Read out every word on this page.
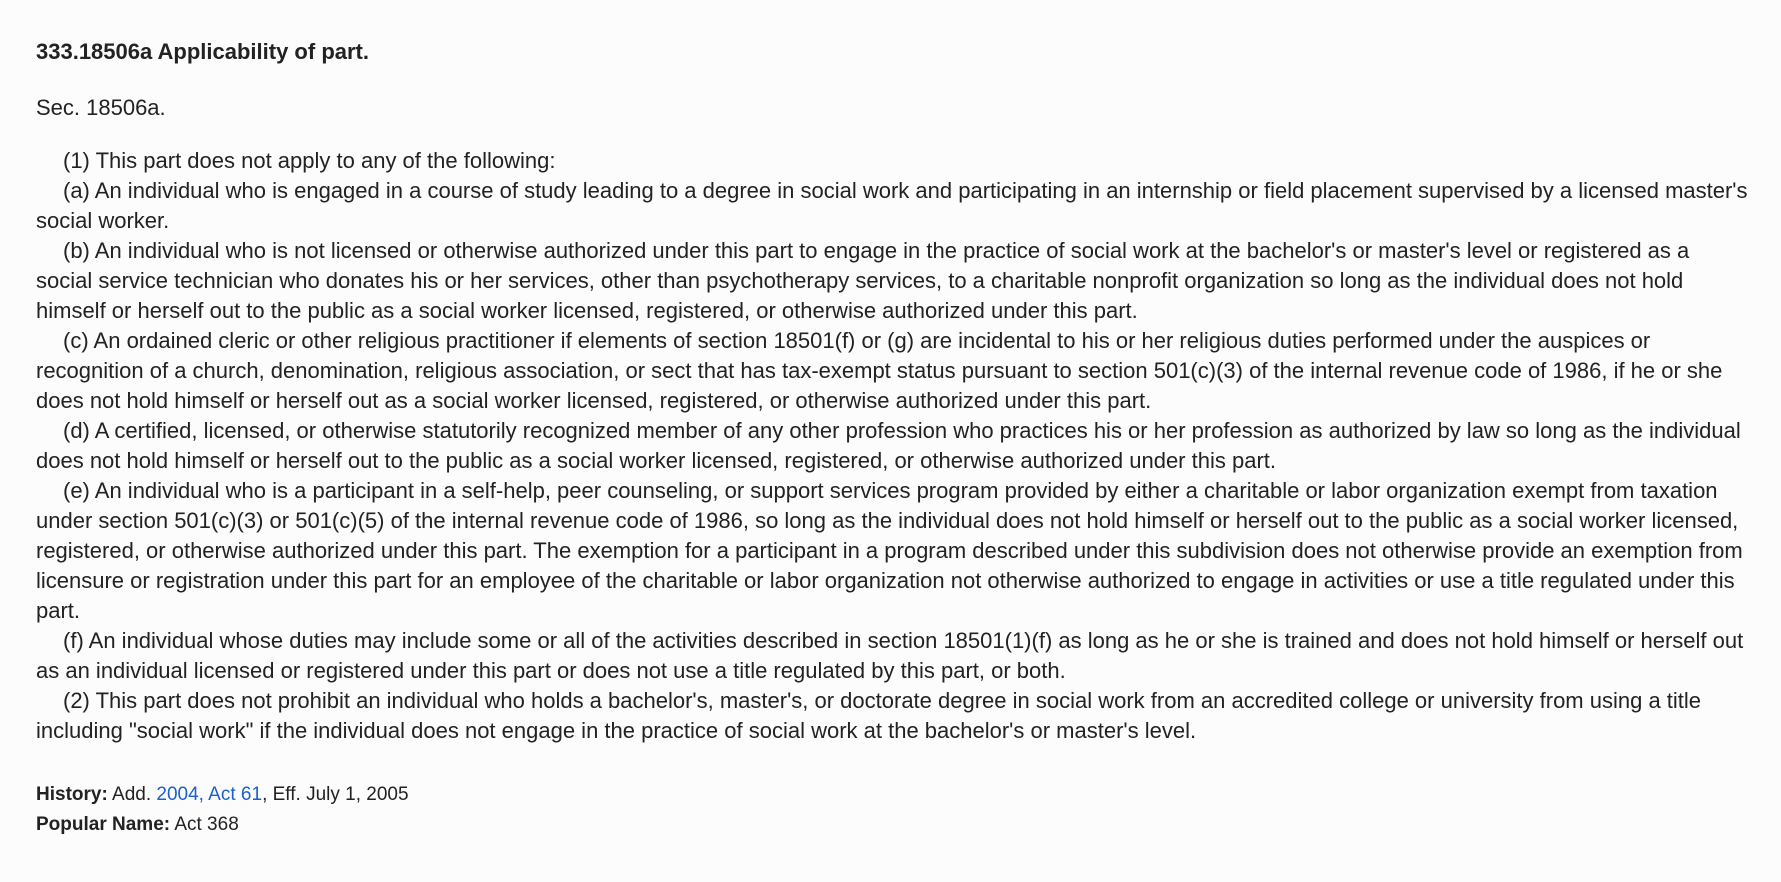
333.18506a Applicability of part.
Sec. 18506a.

(1) This part does not apply to any of the following:

(a) An individual who is engaged in a course of study leading to a degree in social work and participating in an internship or field placement supervised by a licensed master's social worker.

(b) An individual who is not licensed or otherwise authorized under this part to engage in the practice of social work at the bachelor's or master's level or registered as a social service technician who donates his or her services, other than psychotherapy services, to a charitable nonprofit organization so long as the individual does not hold himself or herself out to the public as a social worker licensed, registered, or otherwise authorized under this part.

(c) An ordained cleric or other religious practitioner if elements of section 18501(f) or (g) are incidental to his or her religious duties performed under the auspices or recognition of a church, denomination, religious association, or sect that has tax-exempt status pursuant to section 501(c)(3) of the internal revenue code of 1986, if he or she does not hold himself or herself out as a social worker licensed, registered, or otherwise authorized under this part.

(d) A certified, licensed, or otherwise statutorily recognized member of any other profession who practices his or her profession as authorized by law so long as the individual does not hold himself or herself out to the public as a social worker licensed, registered, or otherwise authorized under this part.

(e) An individual who is a participant in a self-help, peer counseling, or support services program provided by either a charitable or labor organization exempt from taxation under section 501(c)(3) or 501(c)(5) of the internal revenue code of 1986, so long as the individual does not hold himself or herself out to the public as a social worker licensed, registered, or otherwise authorized under this part. The exemption for a participant in a program described under this subdivision does not otherwise provide an exemption from licensure or registration under this part for an employee of the charitable or labor organization not otherwise authorized to engage in activities or use a title regulated under this part.

(f) An individual whose duties may include some or all of the activities described in section 18501(1)(f) as long as he or she is trained and does not hold himself or herself out as an individual licensed or registered under this part or does not use a title regulated by this part, or both.

(2) This part does not prohibit an individual who holds a bachelor's, master's, or doctorate degree in social work from an accredited college or university from using a title including "social work" if the individual does not engage in the practice of social work at the bachelor's or master's level.

History: Add. 2004, Act 61, Eff. July 1, 2005

Popular Name: Act 368
